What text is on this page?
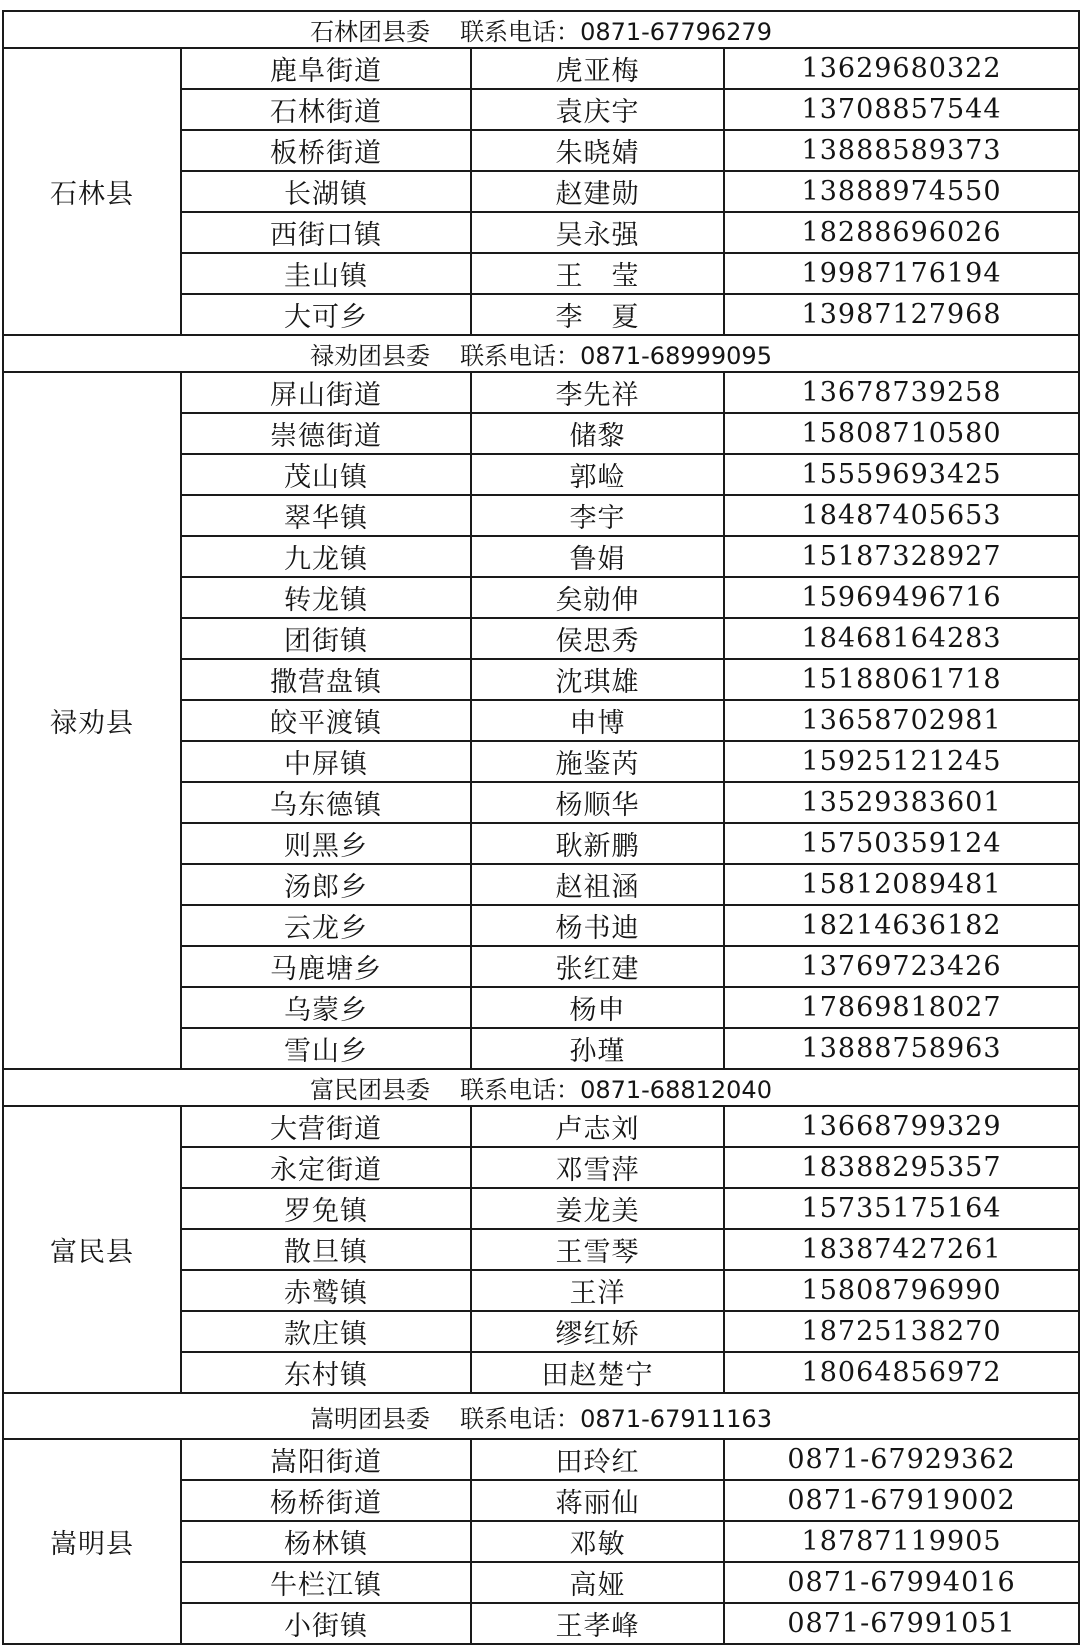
石林团县委 联系电话：0871-67796279			
石林县	鹿阜街道	虎亚梅	13629680322
	石林街道	袁庆宇	13708857544
	板桥街道	朱晓婧	13888589373
	长湖镇	赵建勋	13888974550
	西街口镇	吴永强	18288696026
	圭山镇	王　莹	19987176194
	大可乡	李　夏	13987127968
禄劝团县委 联系电话：0871-68999095			
禄劝县	屏山街道	李先祥	13678739258
	崇德街道	储黎	15808710580
	茂山镇	郭崄	15559693425
	翠华镇	李宇	18487405653
	九龙镇	鲁娟	15187328927
	转龙镇	矣勍伸	15969496716
	团街镇	侯思秀	18468164283
	撒营盘镇	沈琪雄	15188061718
	皎平渡镇	申博	13658702981
	中屏镇	施鉴芮	15925121245
	乌东德镇	杨顺华	13529383601
	则黑乡	耿新鹏	15750359124
	汤郎乡	赵祖涵	15812089481
	云龙乡	杨书迪	18214636182
	马鹿塘乡	张红建	13769723426
	乌蒙乡	杨申	17869818027
	雪山乡	孙瑾	13888758963
富民团县委 联系电话：0871-68812040			
富民县	大营街道	卢志刘	13668799329
	永定街道	邓雪萍	18388295357
	罗免镇	姜龙美	15735175164
	散旦镇	王雪琴	18387427261
	赤鹫镇	王洋	15808796990
	款庄镇	缪红娇	18725138270
	东村镇	田赵楚宁	18064856972
嵩明团县委 联系电话：0871-67911163			
嵩明县	嵩阳街道	田玲红	0871-67929362
	杨桥街道	蒋丽仙	0871-67919002
	杨林镇	邓敏	18787119905
	牛栏江镇	高娅	0871-67994016
	小街镇	王孝峰	0871-67991051
